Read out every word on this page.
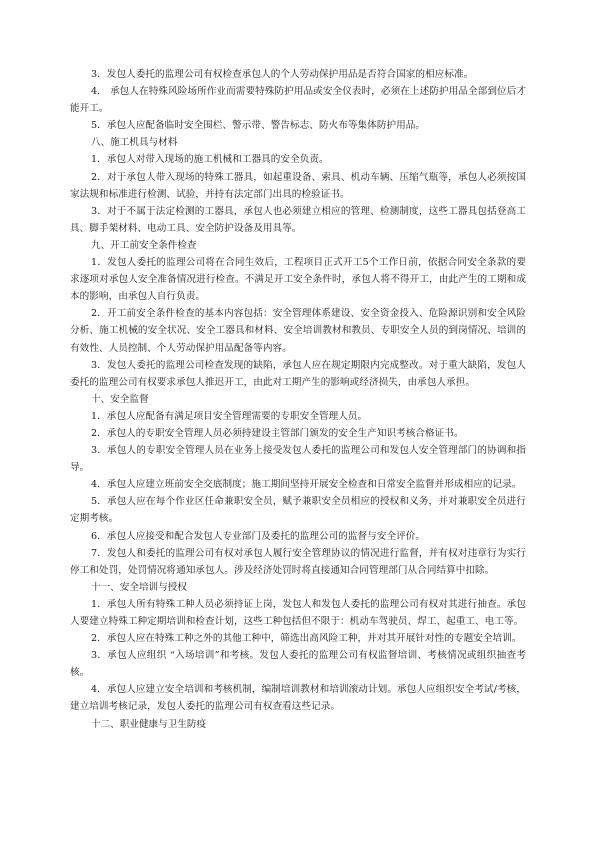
3．发包人委托的监理公司有权检查承包人的个人劳动保护用品是否符合国家的相应标准。

4． 承包人在特殊风险场所作业而需要特殊防护用品或安全仪表时，必须在上述防护用品全部到位后才能开工。

5．承包人应配备临时安全围栏、警示带、警告标志、防火布等集体防护用品。

八、施工机具与材料

1．承包人对带入现场的施工机械和工器具的安全负责。

2．对于承包人带入现场的特殊工器具，如起重设备、索具、机动车辆、压缩气瓶等，承包人必须按国家法规和标准进行检测、试验，并持有法定部门出具的检验证书。

3．对于不属于法定检测的工器具，承包人也必须建立相应的管理、检测制度，这些工器具包括登高工具、脚手架材料、电动工具、安全防护设备及用具等。

九、开工前安全条件检查

1．发包人委托的监理公司将在合同生效后，工程项目正式开工5个工作日前，依据合同安全条款的要求逐项对承包人安全准备情况进行检查。不满足开工安全条件时，承包人将不得开工，由此产生的工期和成本的影响，由承包人自行负责。

2．开工前安全条件检查的基本内容包括：安全管理体系建设、安全资金投入、危险源识别和安全风险分析、施工机械的安全状况、安全工器具和材料、安全培训教材和教员、专职安全人员的到岗情况、培训的有效性、人员控制、个人劳动保护用品配备等内容。

3．发包人委托的监理公司检查发现的缺陷，承包人应在规定期限内完成整改。对于重大缺陷，发包人委托的监理公司有权要求承包人推迟开工，由此对工期产生的影响或经济损失，由承包人承担。

十、安全监督

1．承包人应配备有满足项目安全管理需要的专职安全管理人员。

2．承包人的专职安全管理人员必须持建设主管部门颁发的安全生产知识考核合格证书。

3．承包人的专职安全管理人员在业务上接受发包人委托的监理公司和发包人安全管理部门的协调和指导。

4．承包人应建立班前安全交底制度；施工期间坚持开展安全检查和日常安全监督并形成相应的记录。

5．承包人应在每个作业区任命兼职安全员，赋予兼职安全员相应的授权和义务，并对兼职安全员进行定期考核。

6．承包人应接受和配合发包人专业部门及委托的监理公司的监督与安全评价。

7．发包人和委托的监理公司有权对承包人履行安全管理协议的情况进行监督，并有权对违章行为实行停工和处罚，处罚情况将通知承包人。涉及经济处罚时将直接通知合同管理部门从合同结算中扣除。

十一、安全培训与授权

1．承包人所有特殊工种人员必须持证上岗，发包人和发包人委托的监理公司有权对其进行抽查。承包人要建立特殊工种定期培训和检查计划，这些工种包括但不限于：机动车驾驶员、焊工、起重工、电工等。

2．承包人应在特殊工种之外的其他工种中，筛选出高风险工种，并对其开展针对性的专题安全培训。

3．承包人应组织 “入场培训”和考核。发包人委托的监理公司有权监督培训、考核情况或组织抽查考核。

4．承包人应建立安全培训和考核机制，编制培训教材和培训滚动计划。承包人应组织安全考试/考核，建立培训考核记录，发包人委托的监理公司有权查看这些记录。

十二、职业健康与卫生防疫
